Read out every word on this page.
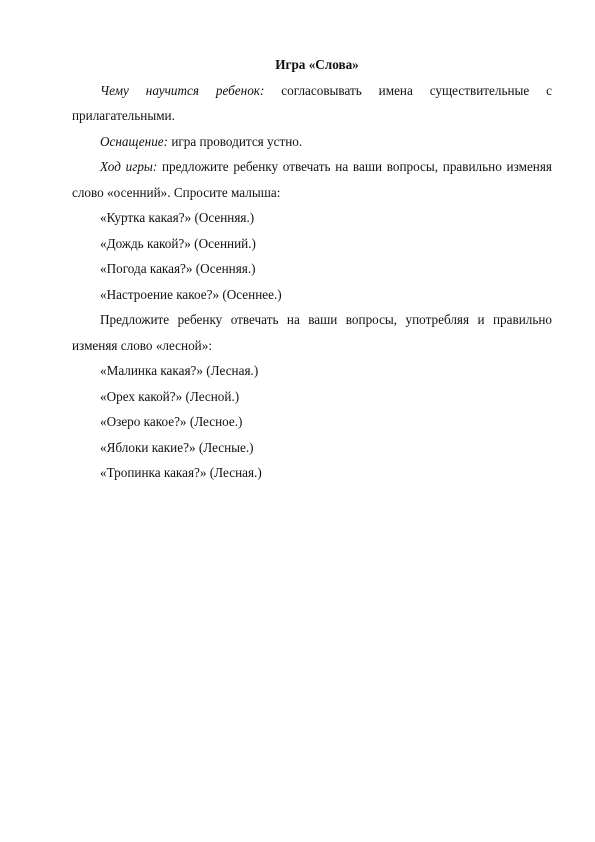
Игра «Слова»

Чему научится ребенок: согласовывать имена существительные с прилагательными.

Оснащение: игра проводится устно.

Ход игры: предложите ребенку отвечать на ваши вопросы, правильно изменяя слово «осенний». Спросите малыша:

«Куртка какая?» (Осенняя.)

«Дождь какой?» (Осенний.)

«Погода какая?» (Осенняя.)

«Настроение какое?» (Осеннее.)

Предложите ребенку отвечать на ваши вопросы, употребляя и правильно изменяя слово «лесной»:

«Малинка какая?» (Лесная.)

«Орех какой?» (Лесной.)

«Озеро какое?» (Лесное.)

«Яблоки какие?» (Лесные.)

«Тропинка какая?» (Лесная.)
